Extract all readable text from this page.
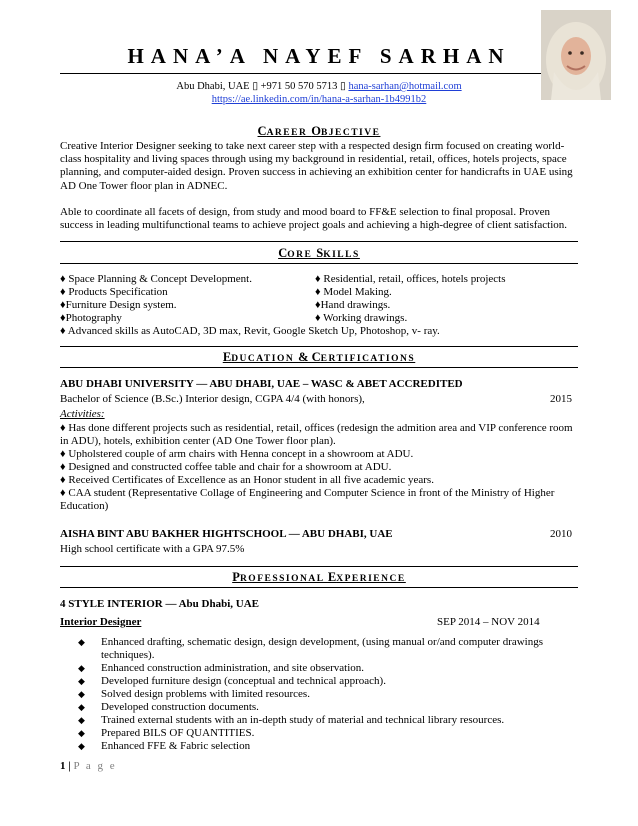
HANA’A NAYEF SARHAN
Abu Dhabi, UAE ▯ +971 50 570 5713 ▯ hana-sarhan@hotmail.com
https://ae.linkedin.com/in/hana-a-sarhan-1b4991b2
CAREER OBJECTIVE
Creative Interior Designer seeking to take next career step with a respected design firm focused on creating world-class hospitality and living spaces through using my background in residential, retail, offices, hotels projects, space planning, and computer-aided design. Proven success in achieving an exhibition center for handicrafts in UAE using AD One Tower floor plan in ADNEC.
Able to coordinate all facets of design, from study and mood board to FF&E selection to final proposal. Proven success in leading multifunctional teams to achieve project goals and achieving a high-degree of client satisfaction.
CORE SKILLS
♦ Space Planning & Concept Development.
♦ Products Specification
♦Furniture Design system.
♦Photography
♦ Advanced skills as AutoCAD, 3D max, Revit, Google Sketch Up, Photoshop, v- ray.
♦ Residential, retail, offices, hotels projects
♦ Model Making.
♦Hand drawings.
♦ Working drawings.
EDUCATION & CERTIFICATIONS
ABU DHABI UNIVERSITY — ABU DHABI, UAE – WASC & ABET ACCREDITED
Bachelor of Science (B.Sc.) Interior design, CGPA 4/4 (with honors),	2015
Activities:
♦ Has done different projects such as residential, retail, offices (redesign the admition area and VIP conference room
in ADU), hotels, exhibition center (AD One Tower floor plan).
♦ Upholstered couple of arm chairs with Henna concept in a showroom at ADU.
♦ Designed and constructed coffee table and chair for a showroom at ADU.
♦ Received Certificates of Excellence as an Honor student in all five academic years.
♦ CAA student (Representative Collage of Engineering and Computer Science in front of the Ministry of Higher
Education)
AISHA BINT ABU BAKHER HIGHTSCHOOL — ABU DHABI, UAE	2010
High school certificate with a GPA 97.5%
PROFESSIONAL EXPERIENCE
4 STYLE INTERIOR — Abu Dhabi, UAE
Interior Designer	SEP 2014 – NOV 2014
◆ Enhanced drafting, schematic design, design development, (using manual or/and computer drawings techniques).
◆ Enhanced construction administration, and site observation.
◆ Developed furniture design (conceptual and technical approach).
◆ Solved design problems with limited resources.
◆ Developed construction documents.
◆ Trained external students with an in-depth study of material and technical library resources.
◆ Prepared BILS OF QUANTITIES.
◆ Enhanced FFE & Fabric selection
1 | P a g e
